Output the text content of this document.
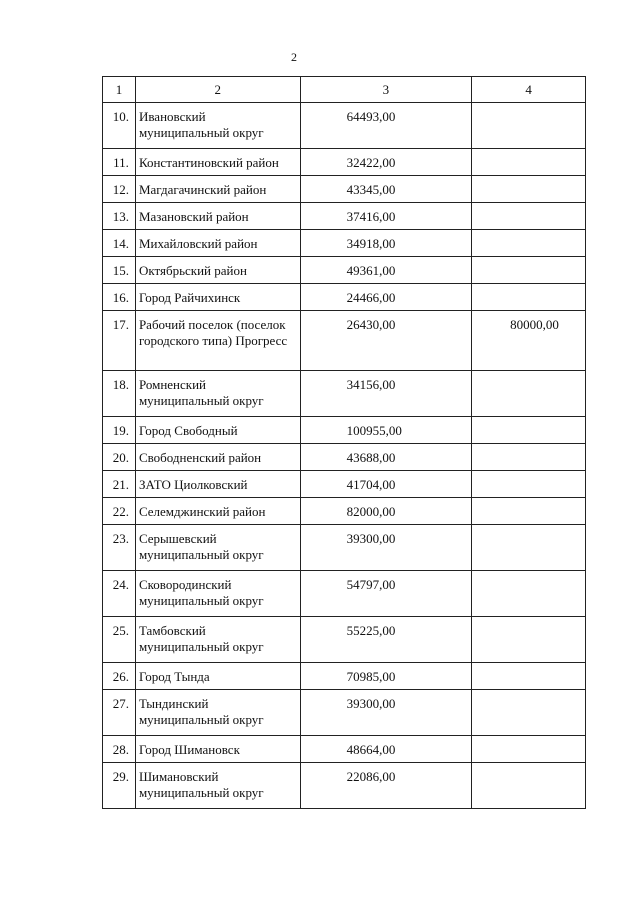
2
1	2	3	4
10.	Ивановский муниципальный округ	64493,00	
11.	Константиновский район	32422,00	
12.	Магдагачинский район	43345,00	
13.	Мазановский район	37416,00	
14.	Михайловский район	34918,00	
15.	Октябрьский район	49361,00	
16.	Город Райчихинск	24466,00	
17.	Рабочий поселок (поселок городского типа) Прогресс	26430,00	80000,00
18.	Ромненский муниципальный округ	34156,00	
19.	Город Свободный	100955,00	
20.	Свободненский район	43688,00	
21.	ЗАТО Циолковский	41704,00	
22.	Селемджинский район	82000,00	
23.	Серышевский муниципальный округ	39300,00	
24.	Сковородинский муниципальный округ	54797,00	
25.	Тамбовский муниципальный округ	55225,00	
26.	Город Тында	70985,00	
27.	Тындинский муниципальный округ	39300,00	
28.	Город Шимановск	48664,00	
29.	Шимановский муниципальный округ	22086,00	
